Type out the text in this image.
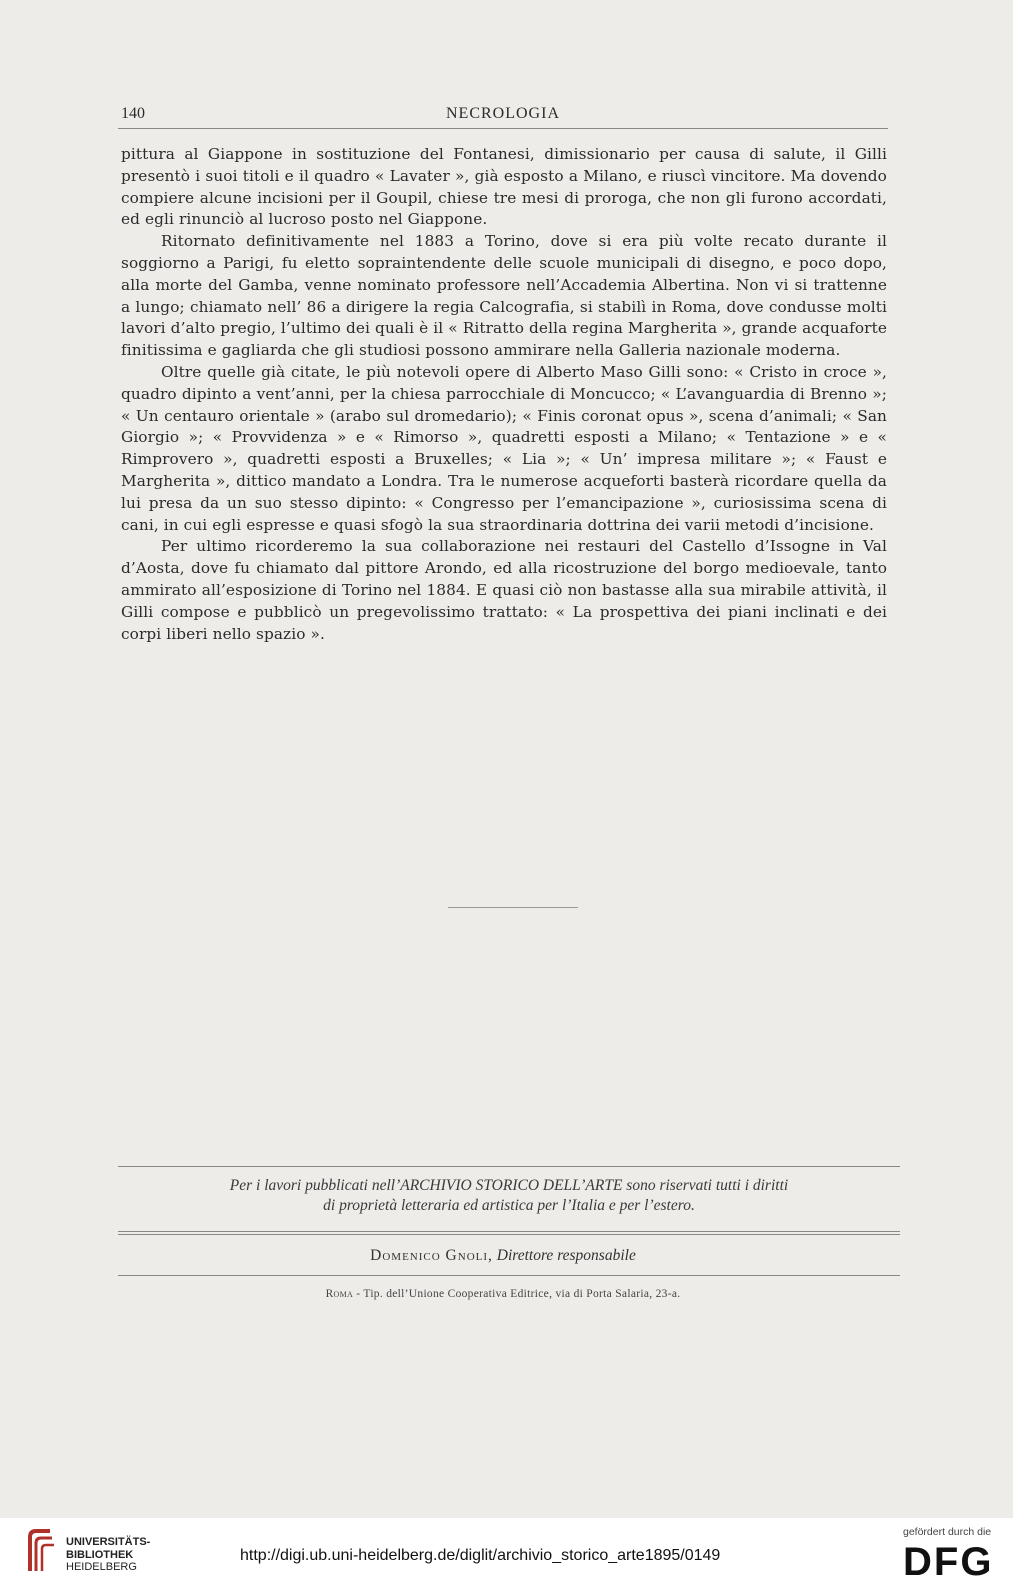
140	NECROLOGIA

pittura al Giappone in sostituzione del Fontanesi, dimissionario per causa di salute, il Gilli presentò i suoi titoli e il quadro « Lavater », già esposto a Milano, e riuscì vincitore. Ma dovendo compiere alcune incisioni per il Goupil, chiese tre mesi di proroga, che non gli furono accordati, ed egli rinunciò al lucroso posto nel Giappone.

Ritornato definitivamente nel 1883 a Torino, dove si era più volte recato durante il soggiorno a Parigi, fu eletto sopraintendente delle scuole municipali di disegno, e poco dopo, alla morte del Gamba, venne nominato professore nell’Accademia Albertina. Non vi si trattenne a lungo; chiamato nell’ 86 a dirigere la regia Calcografia, si stabilì in Roma, dove condusse molti lavori d’alto pregio, l’ultimo dei quali è il « Ritratto della regina Margherita », grande acquaforte finitissima e gagliarda che gli studiosi possono ammirare nella Galleria nazionale moderna.

Oltre quelle già citate, le più notevoli opere di Alberto Maso Gilli sono: « Cristo in croce », quadro dipinto a vent’anni, per la chiesa parrocchiale di Moncucco; « L’avanguardia di Brenno »; « Un centauro orientale » (arabo sul dromedario); « Finis coronat opus », scena d’animali; « San Giorgio »; « Provvidenza » e « Rimorso », quadretti esposti a Milano; « Tentazione » e « Rimprovero », quadretti esposti a Bruxelles; « Lia »; « Un’ impresa militare »; « Faust e Margherita », dittico mandato a Londra. Tra le numerose acqueforti basterà ricordare quella da lui presa da un suo stesso dipinto: « Congresso per l’emancipazione », curiosissima scena di cani, in cui egli espresse e quasi sfogò la sua straordinaria dottrina dei varii metodi d’incisione.

Per ultimo ricorderemo la sua collaborazione nei restauri del Castello d’Issogne in Val d’Aosta, dove fu chiamato dal pittore Arondo, ed alla ricostruzione del borgo medioevale, tanto ammirato all’esposizione di Torino nel 1884. E quasi ciò non bastasse alla sua mirabile attività, il Gilli compose e pubblicò un pregevolissimo trattato: « La prospettiva dei piani inclinati e dei corpi liberi nello spazio ».

Per i lavori pubblicati nell’ARCHIVIO STORICO DELL’ARTE sono riservati tutti i diritti
di proprietà letteraria ed artistica per l’Italia e per l’estero.
Domenico Gnoli, Direttore responsabile
Roma - Tip. dell’Unione Cooperativa Editrice, via di Porta Salaria, 23-a.
UNIVERSITÄTS-
BIBLIOTHEK
HEIDELBERG
http://digi.ub.uni-heidelberg.de/diglit/archivio_storico_arte1895/0149
gefördert durch die
DFG
